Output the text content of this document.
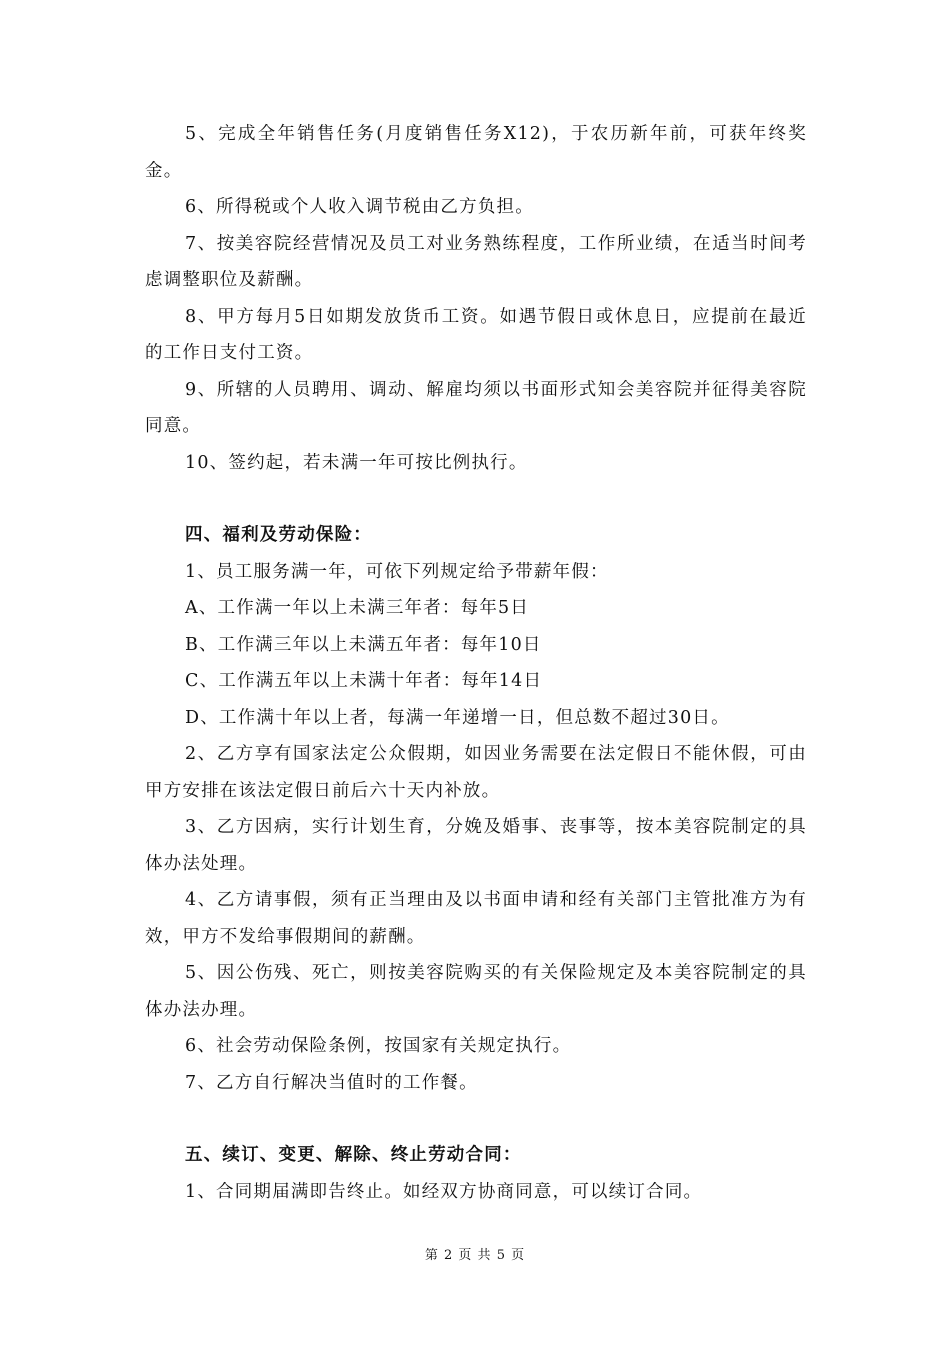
5、完成全年销售任务(月度销售任务X12)，于农历新年前，可获年终奖金。

6、所得税或个人收入调节税由乙方负担。

7、按美容院经营情况及员工对业务熟练程度，工作所业绩，在适当时间考虑调整职位及薪酬。

8、甲方每月5日如期发放货币工资。如遇节假日或休息日，应提前在最近的工作日支付工资。

9、所辖的人员聘用、调动、解雇均须以书面形式知会美容院并征得美容院同意。

10、签约起，若未满一年可按比例执行。

四、福利及劳动保险：

1、员工服务满一年，可依下列规定给予带薪年假：

A、工作满一年以上未满三年者：每年5日

B、工作满三年以上未满五年者：每年10日

C、工作满五年以上未满十年者：每年14日

D、工作满十年以上者，每满一年递增一日，但总数不超过30日。

2、乙方享有国家法定公众假期，如因业务需要在法定假日不能休假，可由甲方安排在该法定假日前后六十天内补放。

3、乙方因病，实行计划生育，分娩及婚事、丧事等，按本美容院制定的具体办法处理。

4、乙方请事假，须有正当理由及以书面申请和经有关部门主管批准方为有效，甲方不发给事假期间的薪酬。

5、因公伤残、死亡，则按美容院购买的有关保险规定及本美容院制定的具体办法办理。

6、社会劳动保险条例，按国家有关规定执行。

7、乙方自行解决当值时的工作餐。

五、续订、变更、解除、终止劳动合同：

1、合同期届满即告终止。如经双方协商同意，可以续订合同。

第 2 页 共 5 页
